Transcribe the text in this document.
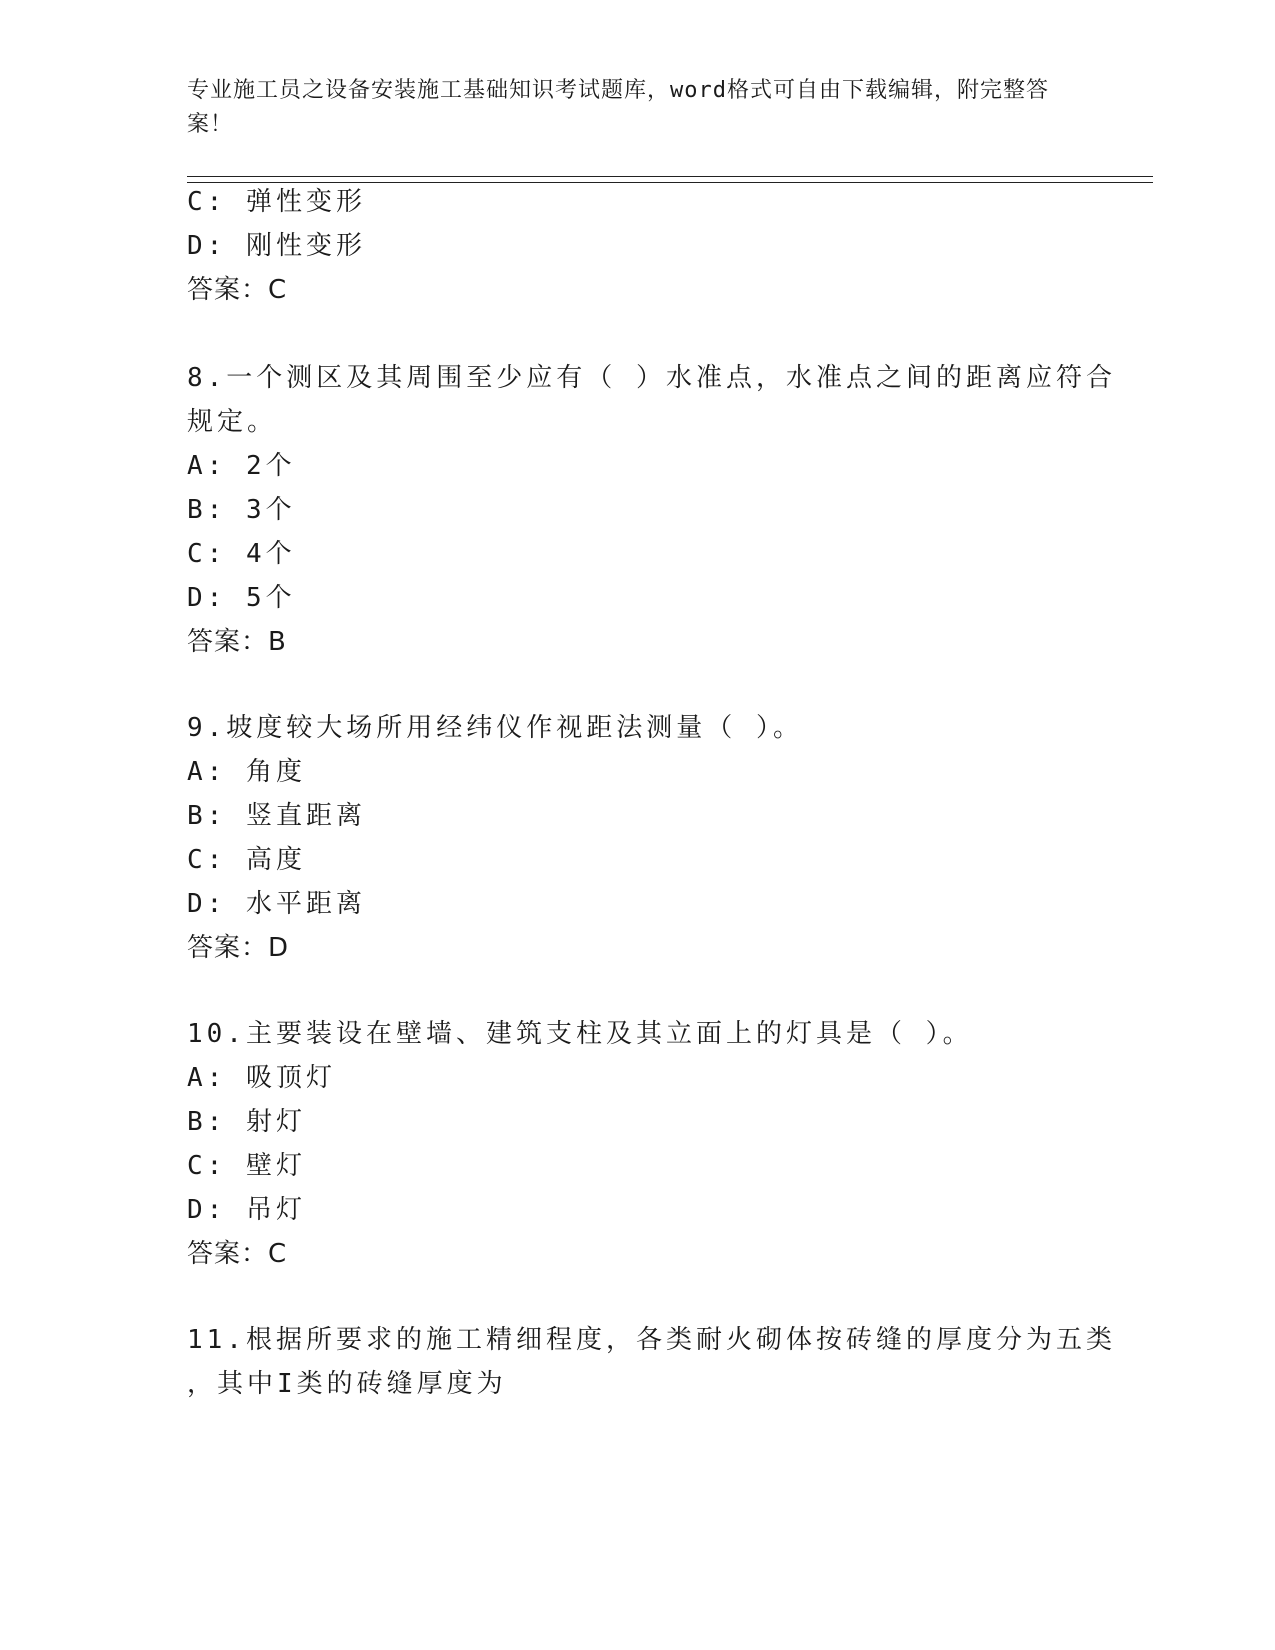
专业施工员之设备安装施工基础知识考试题库，word格式可自由下载编辑，附完整答案！
C: 弹性变形
D: 刚性变形
答案：C
8.一个测区及其周围至少应有（ ）水准点，水准点之间的距离应符合
规定。
A: 2个
B: 3个
C: 4个
D: 5个
答案：B
9.坡度较大场所用经纬仪作视距法测量（ ）。
A: 角度
B: 竖直距离
C: 高度
D: 水平距离
答案：D
10.主要装设在壁墙、建筑支柱及其立面上的灯具是（ ）。
A: 吸顶灯
B: 射灯
C: 壁灯
D: 吊灯
答案：C
11.根据所要求的施工精细程度，各类耐火砌体按砖缝的厚度分为五类
，其中I类的砖缝厚度为
